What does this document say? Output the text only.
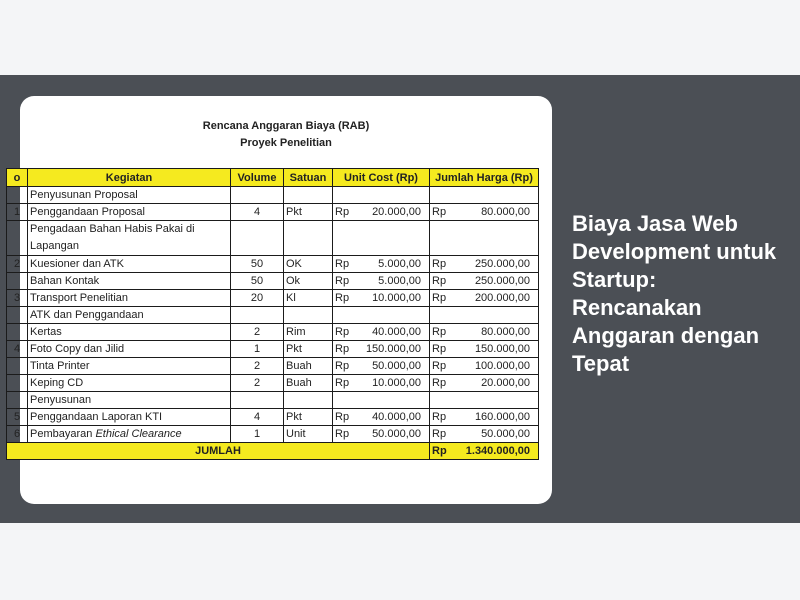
Rencana Anggaran Biaya (RAB)
Proyek Penelitian
o	Kegiatan	Volume	Satuan	Unit Cost (Rp)	Jumlah Harga (Rp)
	Penyusunan Proposal				
1	Penggandaan Proposal	4	Pkt	Rp 20.000,00	Rp 80.000,00
	Pengadaan Bahan Habis Pakai di Lapangan				
2	Kuesioner dan ATK	50	OK	Rp 5.000,00	Rp 250.000,00
	Bahan Kontak	50	Ok	Rp 5.000,00	Rp 250.000,00
3	Transport Penelitian	20	Kl	Rp 10.000,00	Rp 200.000,00
	ATK dan Penggandaan				
	Kertas	2	Rim	Rp 40.000,00	Rp 80.000,00
4	Foto Copy dan Jilid	1	Pkt	Rp 150.000,00	Rp 150.000,00
	Tinta Printer	2	Buah	Rp 50.000,00	Rp 100.000,00
	Keping CD	2	Buah	Rp 10.000,00	Rp 20.000,00
	Penyusunan				
5	Penggandaan Laporan KTI	4	Pkt	Rp 40.000,00	Rp 160.000,00
6	Pembayaran Ethical Clearance	1	Unit	Rp 50.000,00	Rp 50.000,00
JUMLAH					Rp 1.340.000,00
Biaya Jasa Web Development untuk Startup: Rencanakan Anggaran dengan Tepat
